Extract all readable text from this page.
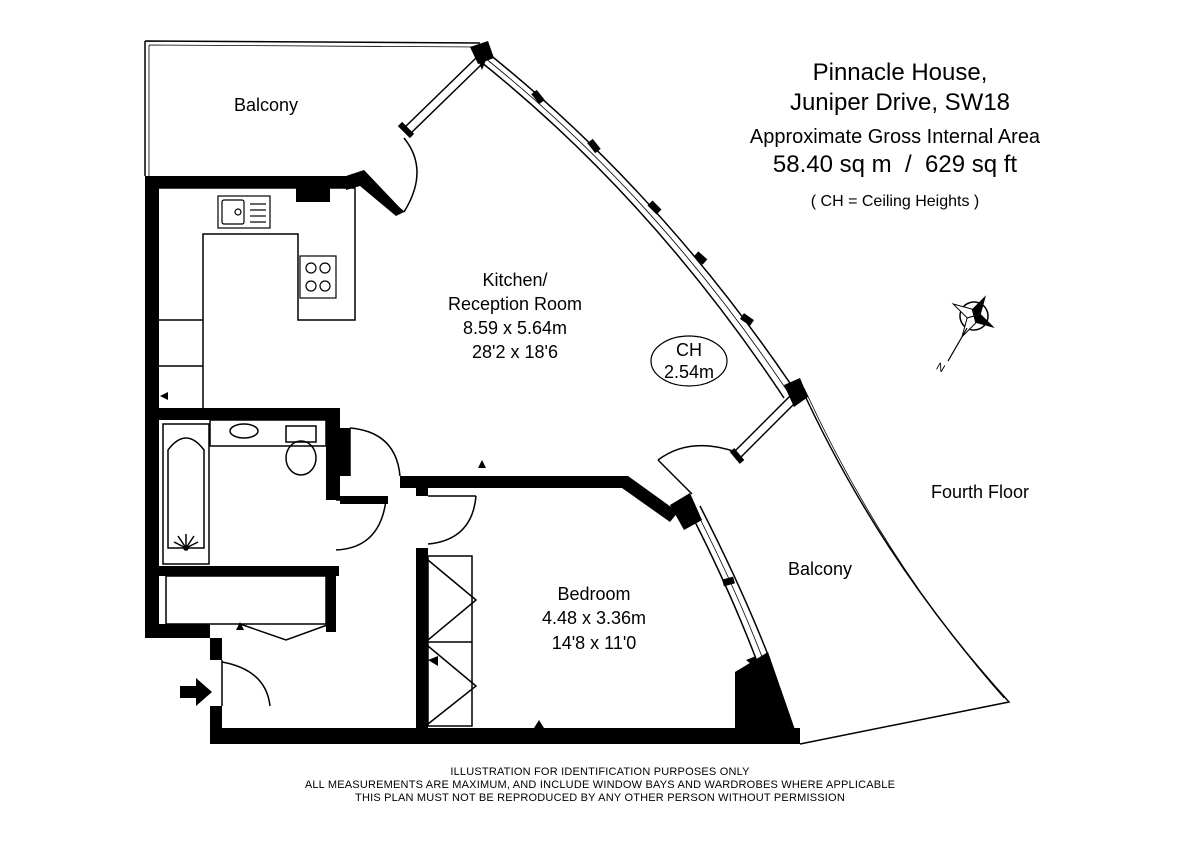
Pinnacle House,
Juniper Drive, SW18
Approximate Gross Internal Area
58.40 sq m  /  629 sq ft
( CH = Ceiling Heights )
Balcony
Kitchen/
Reception Room
8.59 x 5.64m
28'2 x 18'6	CH
2.54m
Bedroom
4.48 x 3.36m
14'8 x 11'0
Balcony
Fourth Floor
N
ILLUSTRATION FOR IDENTIFICATION PURPOSES ONLY
ALL MEASUREMENTS ARE MAXIMUM, AND INCLUDE WINDOW BAYS AND WARDROBES WHERE APPLICABLE
THIS PLAN MUST NOT BE REPRODUCED BY ANY OTHER PERSON WITHOUT PERMISSION
